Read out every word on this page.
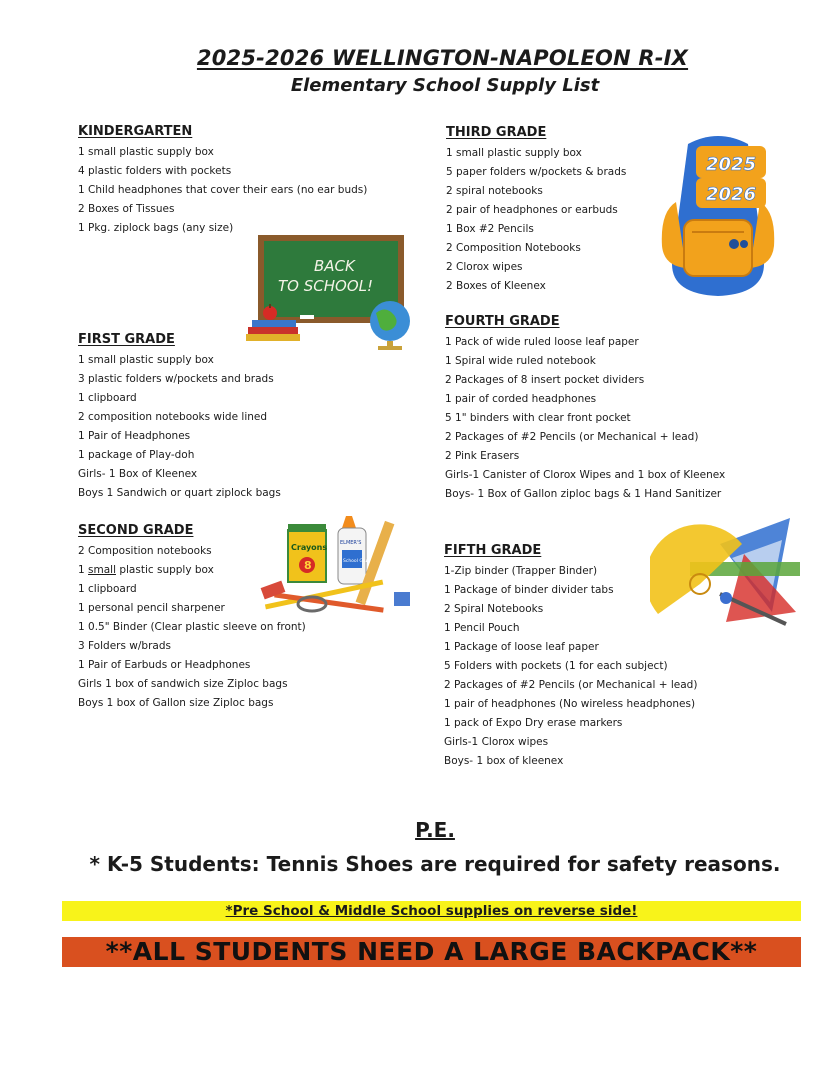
2025-2026 WELLINGTON-NAPOLEON R-IX
Elementary School Supply List
KINDERGARTEN
1 small plastic supply box
4 plastic folders with pockets
1 Child headphones that cover their ears (no ear buds)
2 Boxes of Tissues
1 Pkg. ziplock bags (any size)
FIRST GRADE
1 small plastic supply box
3 plastic folders w/pockets and brads
1 clipboard
2 composition notebooks wide lined
1 Pair of Headphones
1 package of Play-doh
Girls- 1 Box of Kleenex
Boys 1 Sandwich or quart ziplock bags
SECOND GRADE
2 Composition notebooks
1 small plastic supply box
1 clipboard
1 personal pencil sharpener
1 0.5" Binder (Clear plastic sleeve on front)
3 Folders w/brads
1 Pair of Earbuds or Headphones
Girls 1 box of sandwich size Ziploc bags
Boys 1 box of Gallon size Ziploc bags
THIRD GRADE
1 small plastic supply box
5 paper folders w/pockets & brads
2 spiral notebooks
2 pair of headphones or earbuds
1 Box #2 Pencils
2 Composition Notebooks
2 Clorox wipes
2 Boxes of Kleenex
FOURTH GRADE
1 Pack of wide ruled loose leaf paper
1 Spiral wide ruled notebook
2 Packages of 8 insert pocket dividers
1 pair of corded headphones
5 1" binders with clear front pocket
2 Packages of #2 Pencils (or Mechanical + lead)
2 Pink Erasers
Girls-1 Canister of Clorox Wipes and 1 box of Kleenex
Boys- 1 Box of Gallon ziploc bags & 1 Hand Sanitizer
FIFTH GRADE
1-Zip binder (Trapper Binder)
1 Package of binder divider tabs
2 Spiral Notebooks
1 Pencil Pouch
1 Package of loose leaf paper
5 Folders with pockets (1 for each subject)
2 Packages of #2 Pencils (or Mechanical + lead)
1 pair of headphones (No wireless headphones)
1 pack of Expo Dry erase markers
Girls-1 Clorox wipes
Boys- 1 box of kleenex
BACK
TO SCHOOL!
2025
2026
Crayons
8
ELMER'S
School Glue
P.E.
* K-5 Students: Tennis Shoes are required for safety reasons.
*Pre School & Middle School supplies on reverse side!
**ALL STUDENTS NEED A LARGE BACKPACK**
